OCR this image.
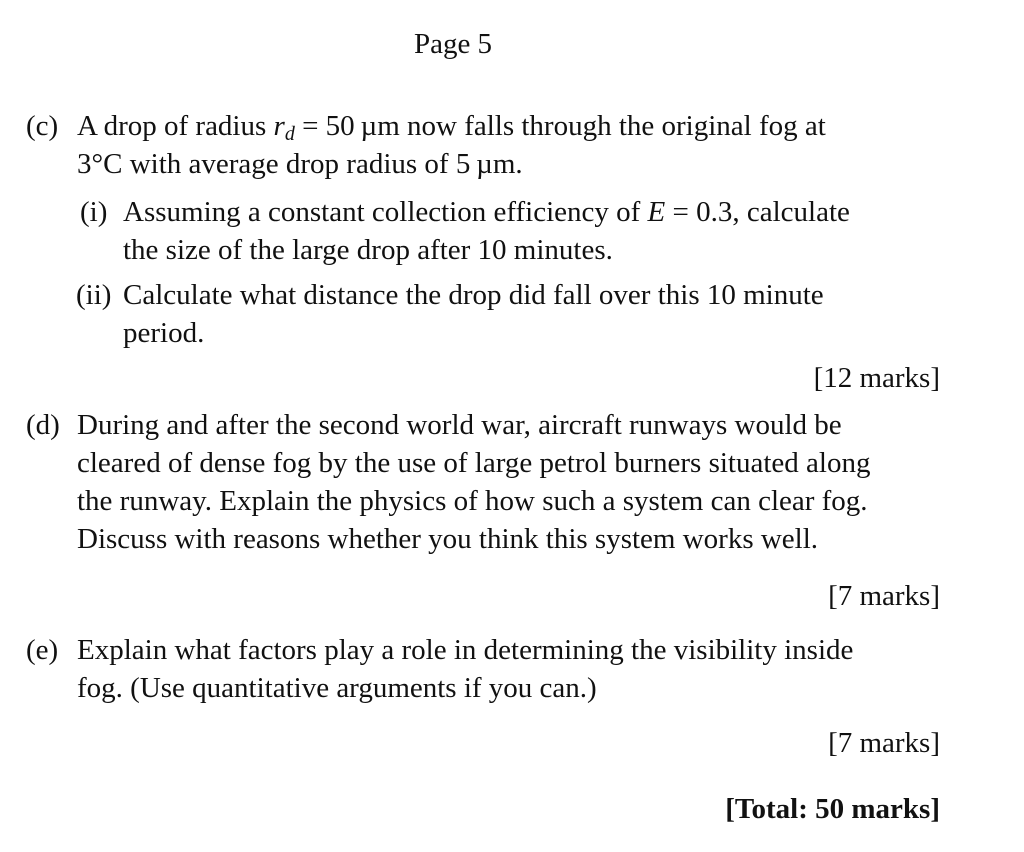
Page 5
(c) A drop of radius $r_d = 50$ µm now falls through the original fog at
3°C with average drop radius of 5 µm.
(i) Assuming a constant collection efficiency of E = 0.3, calculate
the size of the large drop after 10 minutes.
(ii) Calculate what distance the drop did fall over this 10 minute
period.
[12 marks]
(d) During and after the second world war, aircraft runways would be
cleared of dense fog by the use of large petrol burners situated along
the runway. Explain the physics of how such a system can clear fog.
Discuss with reasons whether you think this system works well.
[7 marks]
(e) Explain what factors play a role in determining the visibility inside
fog. (Use quantitative arguments if you can.)
[7 marks]
[Total: 50 marks]
